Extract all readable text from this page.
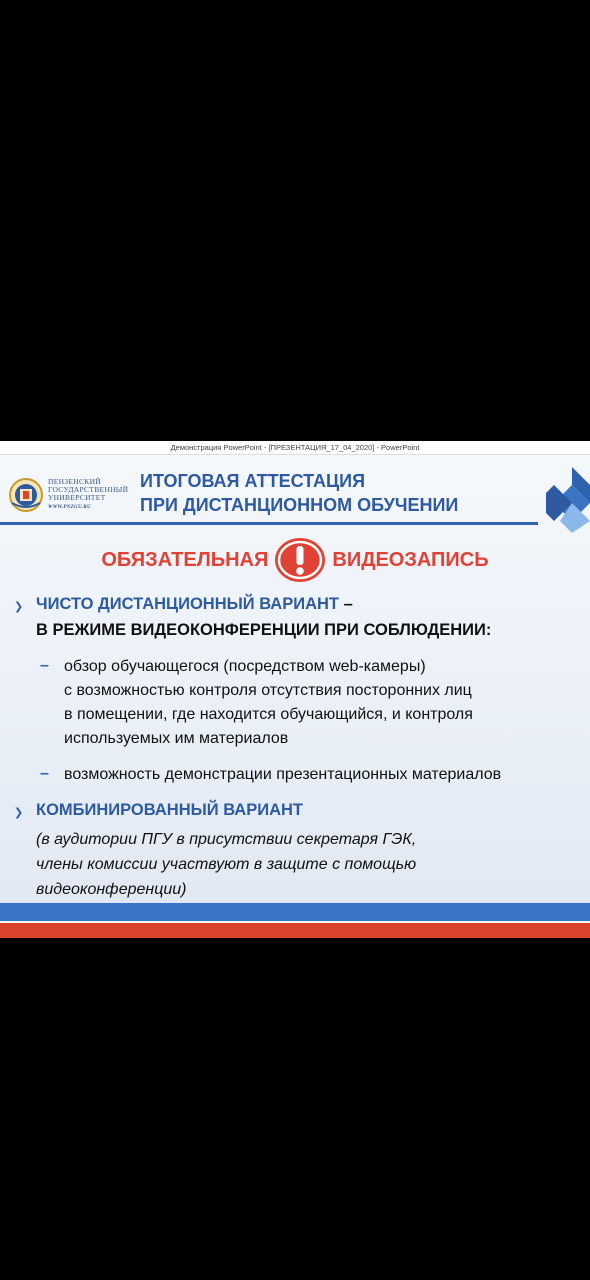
Демонстрация PowerPoint - [ПРЕЗЕНТАЦИЯ_17_04_2020] - PowerPoint
ПЕНЗЕНСКИЙ
ГОСУДАРСТВЕННЫЙ
УНИВЕРСИТЕТ
WWW.PNZGU.RU
ИТОГОВАЯ АТТЕСТАЦИЯ
ПРИ ДИСТАНЦИОННОМ ОБУЧЕНИИ
ОБЯЗАТЕЛЬНАЯ	ВИДЕОЗАПИСЬ
❯ ЧИСТО ДИСТАНЦИОННЫЙ ВАРИАНТ –
В РЕЖИМЕ ВИДЕОКОНФЕРЕНЦИИ ПРИ СОБЛЮДЕНИИ:
– обзор обучающегося (посредством web-камеры)
с возможностью контроля отсутствия посторонних лиц
в помещении, где находится обучающийся, и контроля
используемых им материалов
– возможность демонстрации презентационных материалов
❯ КОМБИНИРОВАННЫЙ ВАРИАНТ
(в аудитории ПГУ в присутствии секретаря ГЭК,
члены комиссии участвуют в защите с помощью
видеоконференции)
